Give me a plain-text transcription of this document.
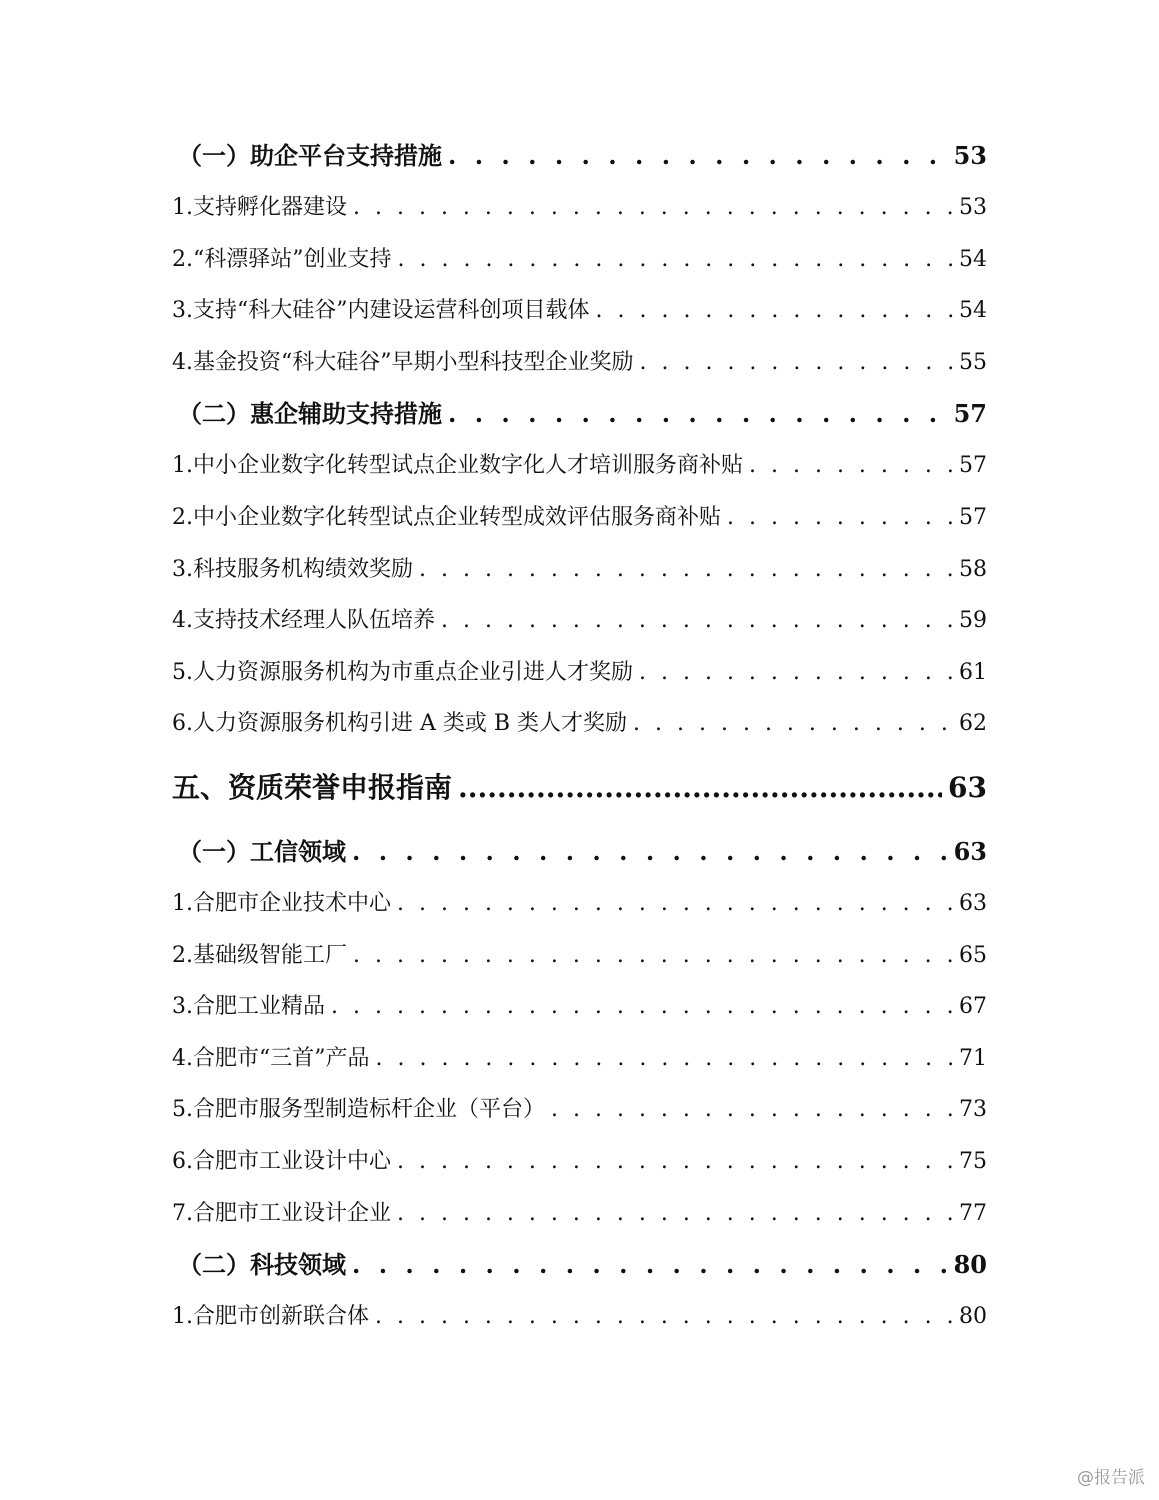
（一）助企平台支持措施 . . .	53
1.支持孵化器建设 . . .	53
2.“科漂驿站”创业支持 . . .	54
3.支持“科大硅谷”内建设运营科创项目载体 . . .	54
4.基金投资“科大硅谷”早期小型科技型企业奖励 . . .	55
（二）惠企辅助支持措施 . . .	57
1.中小企业数字化转型试点企业数字化人才培训服务商补贴 . . .	57
2.中小企业数字化转型试点企业转型成效评估服务商补贴 . . .	57
3.科技服务机构绩效奖励 . . .	58
4.支持技术经理人队伍培养 . . .	59
5.人力资源服务机构为市重点企业引进人才奖励 . . .	61
6.人力资源服务机构引进 A 类或 B 类人才奖励 . . .	62
五、资质荣誉申报指南 .....	63
（一）工信领域 . . .	63
1.合肥市企业技术中心 . . .	63
2.基础级智能工厂 . . .	65
3.合肥工业精品 . . .	67
4.合肥市“三首”产品 . . .	71
5.合肥市服务型制造标杆企业（平台） . . .	73
6.合肥市工业设计中心 . . .	75
7.合肥市工业设计企业 . . .	77
（二）科技领域 . . .	80
1.合肥市创新联合体 . . .	80
@报告派
